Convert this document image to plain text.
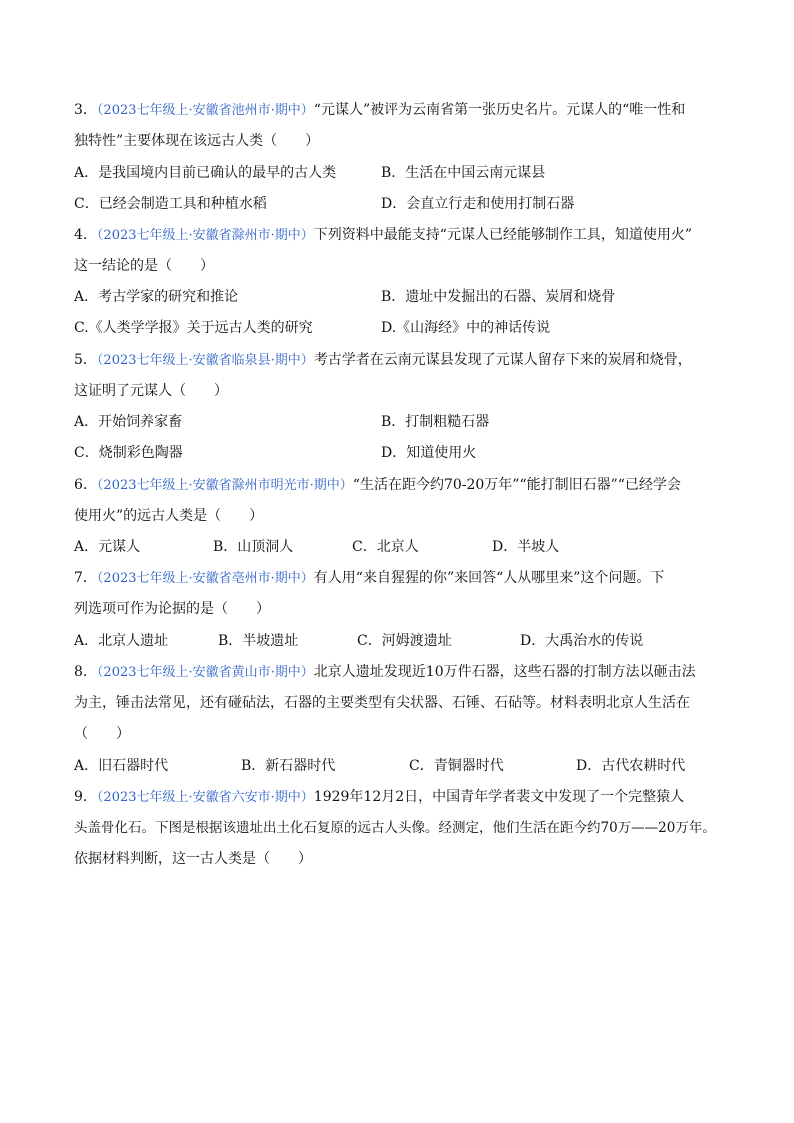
3．（2023七年级上·安徽省池州市·期中）“元谋人”被评为云南省第一张历史名片。元谋人的“唯一性和
独特性”主要体现在该远古人类（　　）
A．是我国境内目前已确认的最早的古人类	B．生活在中国云南元谋县
C．已经会制造工具和种植水稻	D．会直立行走和使用打制石器
4．（2023七年级上·安徽省滁州市·期中）下列资料中最能支持“元谋人已经能够制作工具，知道使用火”
这一结论的是（　　）
A．考古学家的研究和推论	B．遗址中发掘出的石器、炭屑和烧骨
C.《人类学学报》关于远古人类的研究	D.《山海经》中的神话传说
5．（2023七年级上·安徽省临泉县·期中）考古学者在云南元谋县发现了元谋人留存下来的炭屑和烧骨，
这证明了元谋人（　　）
A．开始饲养家畜	B．打制粗糙石器
C．烧制彩色陶器	D．知道使用火
6．（2023七年级上·安徽省滁州市明光市·期中）“生活在距今约70-20万年”“能打制旧石器”“已经学会
使用火”的远古人类是（　　）
A．元谋人	B．山顶洞人	C．北京人	D．半坡人
7．（2023七年级上·安徽省亳州市·期中）有人用“来自猩猩的你”来回答“人从哪里来”这个问题。下
列选项可作为论据的是（　　）
A．北京人遗址	B．半坡遗址	C．河姆渡遗址	D．大禹治水的传说
8．（2023七年级上·安徽省黄山市·期中）北京人遗址发现近10万件石器，这些石器的打制方法以砸击法
为主，锤击法常见，还有碰砧法，石器的主要类型有尖状器、石锤、石砧等。材料表明北京人生活在
（　　）
A．旧石器时代	B．新石器时代	C．青铜器时代	D．古代农耕时代
9．（2023七年级上·安徽省六安市·期中）1929年12月2日，中国青年学者裴文中发现了一个完整猿人
头盖骨化石。下图是根据该遗址出土化石复原的远古人头像。经测定，他们生活在距今约70万——20万年。
依据材料判断，这一古人类是（　　）
